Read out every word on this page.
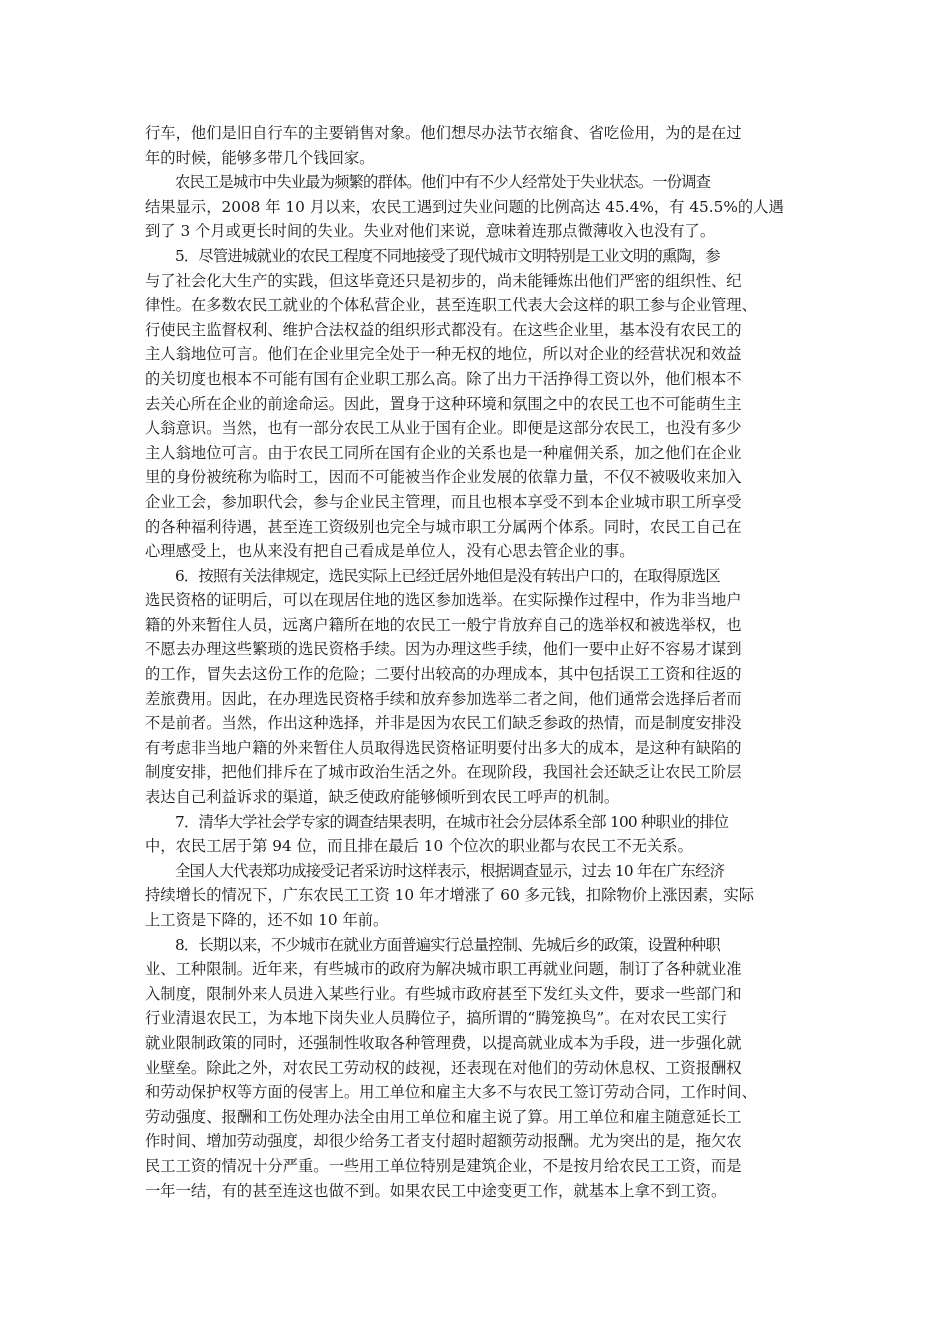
行车，他们是旧自行车的主要销售对象。他们想尽办法节衣缩食、省吃俭用，为的是在过
年的时候，能够多带几个钱回家。

农民工是城市中失业最为频繁的群体。他们中有不少人经常处于失业状态。一份调查
结果显示，2008 年 10 月以来，农民工遇到过失业问题的比例高达 45.4%，有 45.5%的人遇
到了 3 个月或更长时间的失业。失业对他们来说，意味着连那点微薄收入也没有了。

5．尽管进城就业的农民工程度不同地接受了现代城市文明特别是工业文明的熏陶，参
与了社会化大生产的实践，但这毕竟还只是初步的，尚未能锤炼出他们严密的组织性、纪
律性。在多数农民工就业的个体私营企业，甚至连职工代表大会这样的职工参与企业管理、
行使民主监督权利、维护合法权益的组织形式都没有。在这些企业里，基本没有农民工的
主人翁地位可言。他们在企业里完全处于一种无权的地位，所以对企业的经营状况和效益
的关切度也根本不可能有国有企业职工那么高。除了出力干活挣得工资以外，他们根本不
去关心所在企业的前途命运。因此，置身于这种环境和氛围之中的农民工也不可能萌生主
人翁意识。当然，也有一部分农民工从业于国有企业。即便是这部分农民工，也没有多少
主人翁地位可言。由于农民工同所在国有企业的关系也是一种雇佣关系，加之他们在企业
里的身份被统称为临时工，因而不可能被当作企业发展的依靠力量，不仅不被吸收来加入
企业工会，参加职代会，参与企业民主管理，而且也根本享受不到本企业城市职工所享受
的各种福利待遇，甚至连工资级别也完全与城市职工分属两个体系。同时，农民工自己在
心理感受上，也从来没有把自己看成是单位人，没有心思去管企业的事。

6．按照有关法律规定，选民实际上已经迁居外地但是没有转出户口的，在取得原选区
选民资格的证明后，可以在现居住地的选区参加选举。在实际操作过程中，作为非当地户
籍的外来暂住人员，远离户籍所在地的农民工一般宁肯放弃自己的选举权和被选举权，也
不愿去办理这些繁琐的选民资格手续。因为办理这些手续，他们一要中止好不容易才谋到
的工作，冒失去这份工作的危险；二要付出较高的办理成本，其中包括误工工资和往返的
差旅费用。因此，在办理选民资格手续和放弃参加选举二者之间，他们通常会选择后者而
不是前者。当然，作出这种选择，并非是因为农民工们缺乏参政的热情，而是制度安排没
有考虑非当地户籍的外来暂住人员取得选民资格证明要付出多大的成本，是这种有缺陷的
制度安排，把他们排斥在了城市政治生活之外。在现阶段，我国社会还缺乏让农民工阶层
表达自己利益诉求的渠道，缺乏使政府能够倾听到农民工呼声的机制。

7．清华大学社会学专家的调查结果表明，在城市社会分层体系全部 100 种职业的排位
中，农民工居于第 94 位，而且排在最后 10 个位次的职业都与农民工不无关系。

全国人大代表郑功成接受记者采访时这样表示，根据调查显示，过去 10 年在广东经济
持续增长的情况下，广东农民工工资 10 年才增涨了 60 多元钱，扣除物价上涨因素，实际
上工资是下降的，还不如 10 年前。

8．长期以来，不少城市在就业方面普遍实行总量控制、先城后乡的政策，设置种种职
业、工种限制。近年来，有些城市的政府为解决城市职工再就业问题，制订了各种就业准
入制度，限制外来人员进入某些行业。有些城市政府甚至下发红头文件，要求一些部门和
行业清退农民工，为本地下岗失业人员腾位子，搞所谓的“腾笼换鸟”。在对农民工实行
就业限制政策的同时，还强制性收取各种管理费，以提高就业成本为手段，进一步强化就
业壁垒。除此之外，对农民工劳动权的歧视，还表现在对他们的劳动休息权、工资报酬权
和劳动保护权等方面的侵害上。用工单位和雇主大多不与农民工签订劳动合同，工作时间、
劳动强度、报酬和工伤处理办法全由用工单位和雇主说了算。用工单位和雇主随意延长工
作时间、增加劳动强度，却很少给务工者支付超时超额劳动报酬。尤为突出的是，拖欠农
民工工资的情况十分严重。一些用工单位特别是建筑企业，不是按月给农民工工资，而是
一年一结，有的甚至连这也做不到。如果农民工中途变更工作，就基本上拿不到工资。
